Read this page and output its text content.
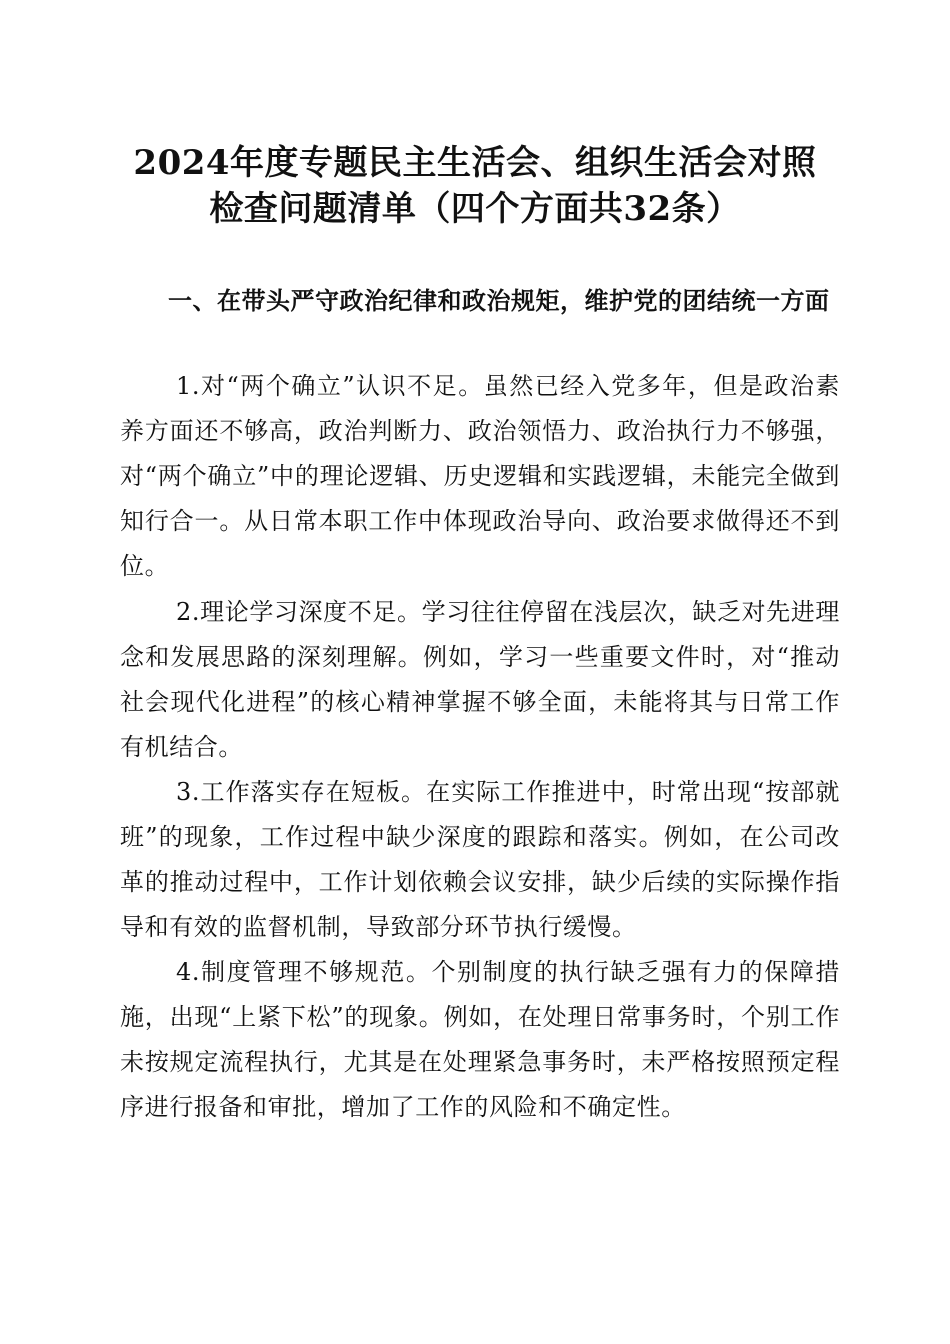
2024年度专题民主生活会、组织生活会对照
检查问题清单（四个方面共32条）
一、在带头严守政治纪律和政治规矩，维护党的团结统一方面

1.对“两个确立”认识不足。虽然已经入党多年，但是政治素养方面还不够高，政治判断力、政治领悟力、政治执行力不够强，对“两个确立”中的理论逻辑、历史逻辑和实践逻辑，未能完全做到知行合一。从日常本职工作中体现政治导向、政治要求做得还不到位。

2.理论学习深度不足。学习往往停留在浅层次，缺乏对先进理念和发展思路的深刻理解。例如，学习一些重要文件时，对“推动社会现代化进程”的核心精神掌握不够全面，未能将其与日常工作有机结合。

3.工作落实存在短板。在实际工作推进中，时常出现“按部就班”的现象，工作过程中缺少深度的跟踪和落实。例如，在公司改革的推动过程中，工作计划依赖会议安排，缺少后续的实际操作指导和有效的监督机制，导致部分环节执行缓慢。

4.制度管理不够规范。个别制度的执行缺乏强有力的保障措施，出现“上紧下松”的现象。例如，在处理日常事务时，个别工作未按规定流程执行，尤其是在处理紧急事务时，未严格按照预定程序进行报备和审批，增加了工作的风险和不确定性。
